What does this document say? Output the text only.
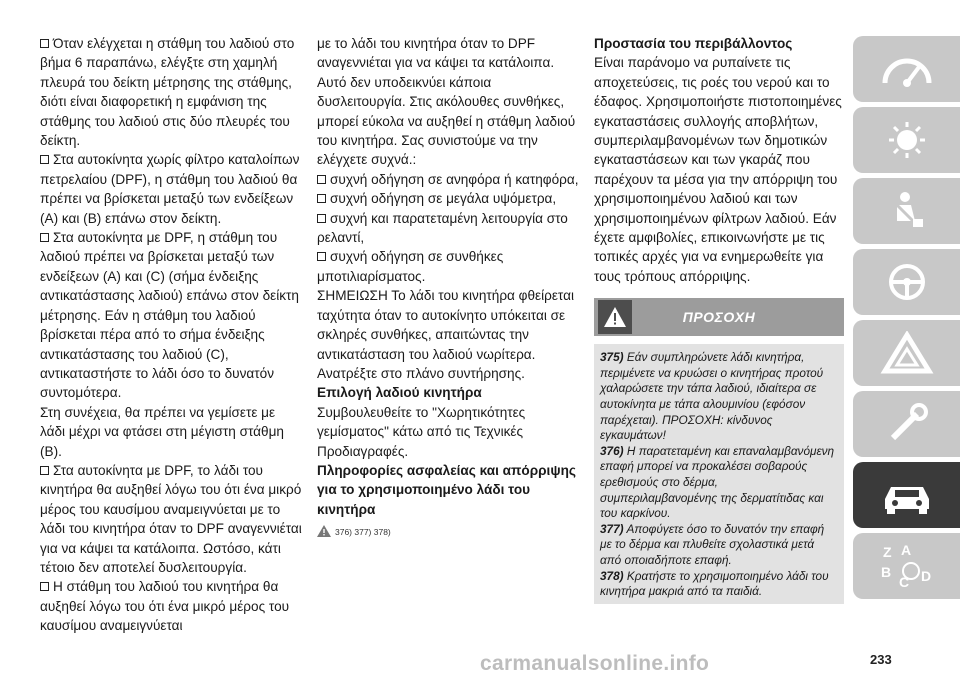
Όταν ελέγχεται η στάθμη του λαδιού στο βήμα 6 παραπάνω, ελέγξτε στη χαμηλή πλευρά του δείκτη μέτρησης της στάθμης, διότι είναι διαφορετική η εμφάνιση της στάθμης του λαδιού στις δύο πλευρές του δείκτη.

Στα αυτοκίνητα χωρίς φίλτρο καταλοίπων πετρελαίου (DPF), η στάθμη του λαδιού θα πρέπει να βρίσκεται μεταξύ των ενδείξεων (A) και (B) επάνω στον δείκτη.

Στα αυτοκίνητα με DPF, η στάθμη του λαδιού πρέπει να βρίσκεται μεταξύ των ενδείξεων (A) και (C) (σήμα ένδειξης αντικατάστασης λαδιού) επάνω στον δείκτη μέτρησης. Εάν η στάθμη του λαδιού βρίσκεται πέρα από το σήμα ένδειξης αντικατάστασης του λαδιού (C), αντικαταστήστε το λάδι όσο το δυνατόν συντομότερα.

Στη συνέχεια, θα πρέπει να γεμίσετε με λάδι μέχρι να φτάσει στη μέγιστη στάθμη (B).

Στα αυτοκίνητα με DPF, το λάδι του κινητήρα θα αυξηθεί λόγω του ότι ένα μικρό μέρος του καυσίμου αναμειγνύεται με το λάδι του κινητήρα όταν το DPF αναγεννιέται για να κάψει τα κατάλοιπα. Ωστόσο, κάτι τέτοιο δεν αποτελεί δυσλειτουργία.

Η στάθμη του λαδιού του κινητήρα θα αυξηθεί λόγω του ότι ένα μικρό μέρος του καυσίμου αναμειγνύεται

με το λάδι του κινητήρα όταν το DPF αναγεννιέται για να κάψει τα κατάλοιπα. Αυτό δεν υποδεικνύει κάποια δυσλειτουργία. Στις ακόλουθες συνθήκες, μπορεί εύκολα να αυξηθεί η στάθμη λαδιού του κινητήρα. Σας συνιστούμε να την ελέγχετε συχνά.:

συχνή οδήγηση σε ανηφόρα ή κατηφόρα,

συχνή οδήγηση σε μεγάλα υψόμετρα,

συχνή και παρατεταμένη λειτουργία στο ρελαντί,

συχνή οδήγηση σε συνθήκες μποτιλιαρίσματος.

ΣΗΜΕΙΩΣΗ Το λάδι του κινητήρα φθείρεται ταχύτητα όταν το αυτοκίνητο υπόκειται σε σκληρές συνθήκες, απαιτώντας την αντικατάσταση του λαδιού νωρίτερα. Ανατρέξτε στο πλάνο συντήρησης.

Επιλογή λαδιού κινητήρα

Συμβουλευθείτε το "Χωρητικότητες γεμίσματος" κάτω από τις Τεχνικές Προδιαγραφές.

Πληροφορίες ασφαλείας και απόρριψης για το χρησιμοποιημένο λάδι του κινητήρα

376) 377) 378)

Προστασία του περιβάλλοντος

Είναι παράνομο να ρυπαίνετε τις αποχετεύσεις, τις ροές του νερού και το έδαφος. Χρησιμοποιήστε πιστοποιημένες εγκαταστάσεις συλλογής αποβλήτων, συμπεριλαμβανομένων των δημοτικών εγκαταστάσεων και των γκαράζ που παρέχουν τα μέσα για την απόρριψη του χρησιμοποιημένου λαδιού και των χρησιμοποιημένων φίλτρων λαδιού. Εάν έχετε αμφιβολίες, επικοινωνήστε με τις τοπικές αρχές για να ενημερωθείτε για τους τρόπους απόρριψης.

ΠΡΟΣΟΧΗ

375) Εάν συμπληρώνετε λάδι κινητήρα, περιμένετε να κρυώσει ο κινητήρας προτού χαλαρώσετε την τάπα λαδιού, ιδιαίτερα σε αυτοκίνητα με τάπα αλουμινίου (εφόσον παρέχεται). ΠΡΟΣΟΧΗ: κίνδυνος εγκαυμάτων!

376) Η παρατεταμένη και επαναλαμβανόμενη επαφή μπορεί να προκαλέσει σοβαρούς ερεθισμούς στο δέρμα, συμπεριλαμβανομένης της δερματίτιδας και του καρκίνου.

377) Αποφύγετε όσο το δυνατόν την επαφή με το δέρμα και πλυθείτε σχολαστικά μετά από οποιαδήποτε επαφή.

378) Κρατήστε το χρησιμοποιημένο λάδι του κινητήρα μακριά από τα παιδιά.

Z A
B
C D
233
carmanualsonline.info
